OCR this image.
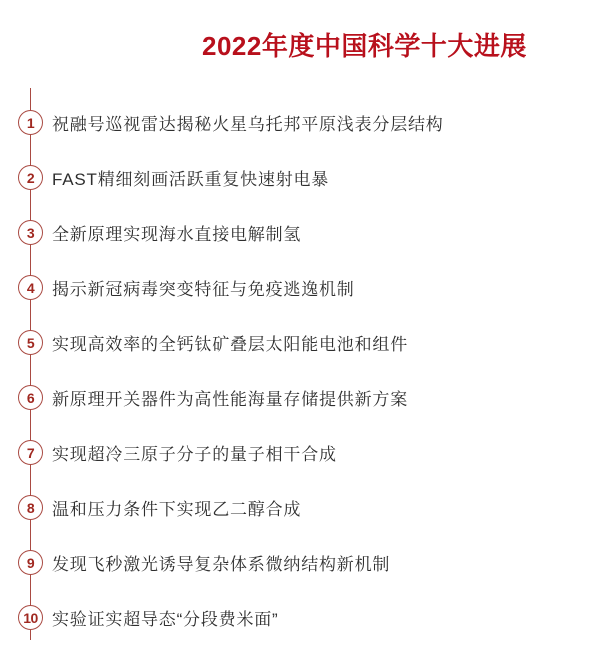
2022年度中国科学十大进展
1 祝融号巡视雷达揭秘火星乌托邦平原浅表分层结构
2 FAST精细刻画活跃重复快速射电暴
3 全新原理实现海水直接电解制氢
4 揭示新冠病毒突变特征与免疫逃逸机制
5 实现高效率的全钙钛矿叠层太阳能电池和组件
6 新原理开关器件为高性能海量存储提供新方案
7 实现超冷三原子分子的量子相干合成
8 温和压力条件下实现乙二醇合成
9 发现飞秒激光诱导复杂体系微纳结构新机制
10 实验证实超导态“分段费米面”
